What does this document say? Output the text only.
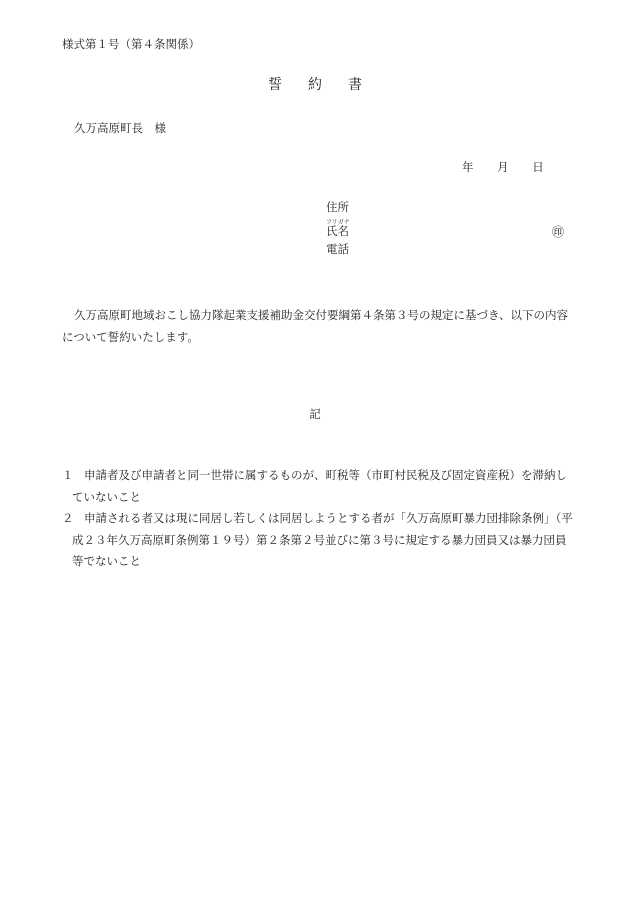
様式第１号（第４条関係）
誓約書
久万高原町長　様
年 月 日
住所
フリガナ
氏名	㊞
電話
久万高原町地域おこし協力隊起業支援補助金交付要綱第４条第３号の規定に基づき、以下の内容について誓約いたします。
記
１ 申請者及び申請者と同一世帯に属するものが、町税等（市町村民税及び固定資産税）を滞納していないこと
２ 申請される者又は現に同居し若しくは同居しようとする者が「久万高原町暴力団排除条例」（平成２３年久万高原町条例第１９号）第２条第２号並びに第３号に規定する暴力団員又は暴力団員等でないこと
